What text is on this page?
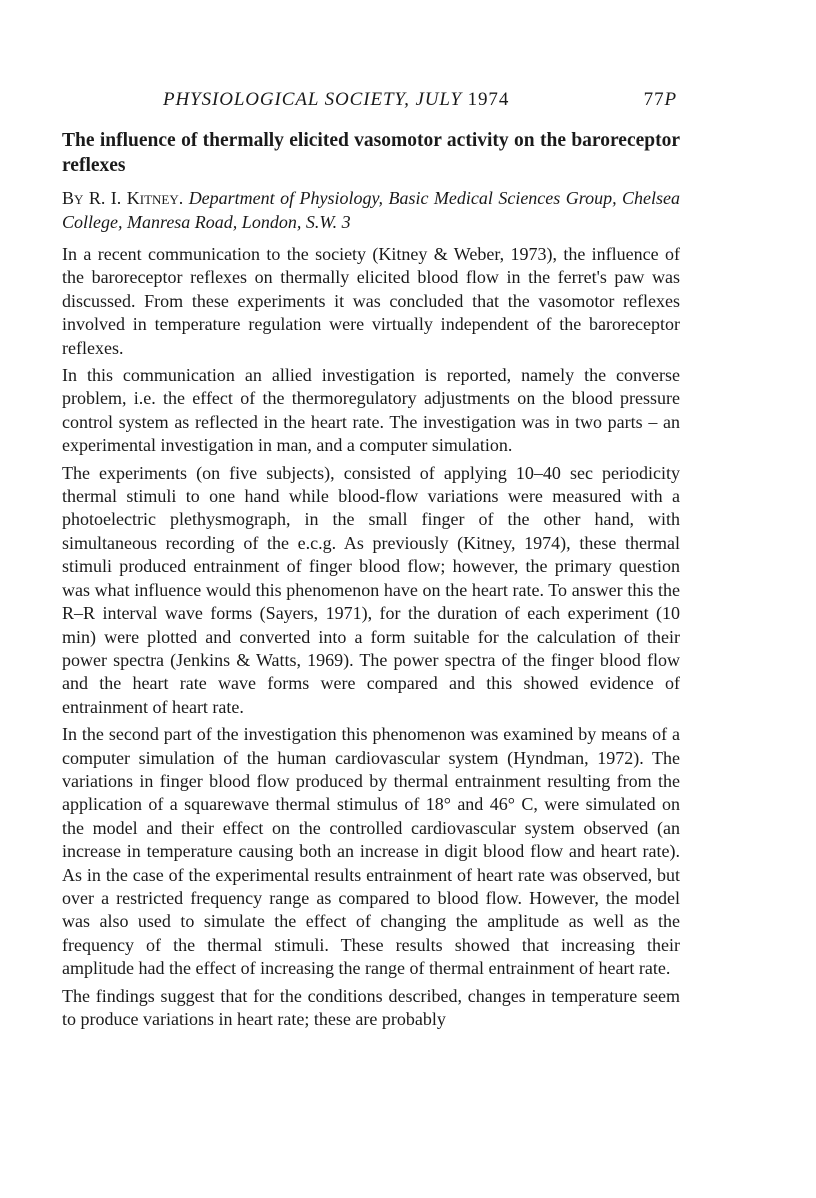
PHYSIOLOGICAL SOCIETY, JULY 1974	77P
The influence of thermally elicited vasomotor activity on the baroreceptor reflexes
By R. I. Kitney. Department of Physiology, Basic Medical Sciences Group, Chelsea College, Manresa Road, London, S.W. 3

In a recent communication to the society (Kitney & Weber, 1973), the influence of the baroreceptor reflexes on thermally elicited blood flow in the ferret's paw was discussed. From these experiments it was concluded that the vasomotor reflexes involved in temperature regulation were virtually independent of the baroreceptor reflexes.

In this communication an allied investigation is reported, namely the converse problem, i.e. the effect of the thermoregulatory adjustments on the blood pressure control system as reflected in the heart rate. The investigation was in two parts – an experimental investigation in man, and a computer simulation.

The experiments (on five subjects), consisted of applying 10–40 sec periodicity thermal stimuli to one hand while blood-flow variations were measured with a photoelectric plethysmograph, in the small finger of the other hand, with simultaneous recording of the e.c.g. As previously (Kitney, 1974), these thermal stimuli produced entrainment of finger blood flow; however, the primary question was what influence would this phenomenon have on the heart rate. To answer this the R–R interval wave forms (Sayers, 1971), for the duration of each experiment (10 min) were plotted and converted into a form suitable for the calculation of their power spectra (Jenkins & Watts, 1969). The power spectra of the finger blood flow and the heart rate wave forms were compared and this showed evidence of entrainment of heart rate.

In the second part of the investigation this phenomenon was examined by means of a computer simulation of the human cardiovascular system (Hyndman, 1972). The variations in finger blood flow produced by thermal entrainment resulting from the application of a squarewave thermal stimulus of 18° and 46° C, were simulated on the model and their effect on the controlled cardiovascular system observed (an increase in temperature causing both an increase in digit blood flow and heart rate). As in the case of the experimental results entrainment of heart rate was observed, but over a restricted frequency range as compared to blood flow. However, the model was also used to simulate the effect of changing the amplitude as well as the frequency of the thermal stimuli. These results showed that increasing their amplitude had the effect of increasing the range of thermal entrainment of heart rate.

The findings suggest that for the conditions described, changes in temperature seem to produce variations in heart rate; these are probably
